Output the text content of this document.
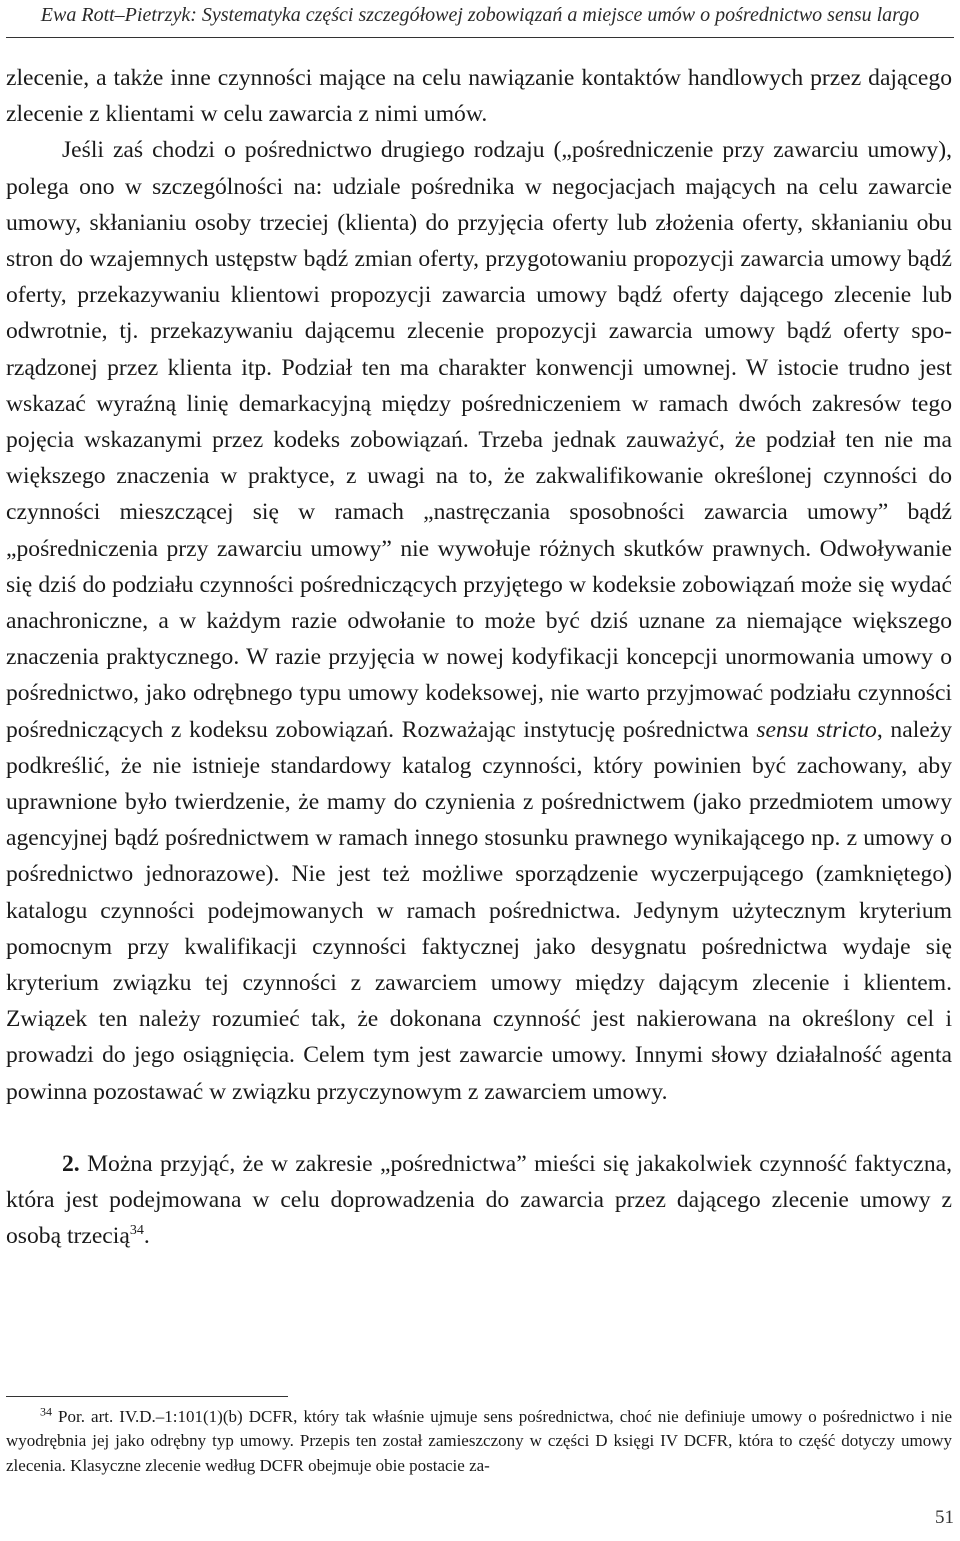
Ewa Rott–Pietrzyk: Systematyka części szczegółowej zobowiązań a miejsce umów o pośrednictwo sensu largo

zlecenie, a także inne czynności mające na celu nawiązanie kontaktów handlowych przez dającego zlecenie z klientami w celu zawarcia z nimi umów.

Jeśli zaś chodzi o pośrednictwo drugiego rodzaju („pośredniczenie przy zawarciu umowy), polega ono w szczególności na: udziale pośrednika w negocjacjach mających na celu zawarcie umowy, skłanianiu osoby trzeciej (klienta) do przyjęcia oferty lub złożenia oferty, skłanianiu obu stron do wzajemnych ustępstw bądź zmian oferty, przygotowaniu propozycji zawarcia umowy bądź oferty, przekazywaniu klientowi propozycji zawarcia umowy bądź oferty dającego zlecenie lub odwrotnie, tj. przekazywaniu dającemu zlecenie propozycji zawarcia umowy bądź oferty sporządzonej przez klienta itp. Podział ten ma charakter konwencji umownej. W istocie trudno jest wskazać wyraźną linię demarkacyjną między pośredniczeniem w ramach dwóch zakresów tego pojęcia wskazanymi przez kodeks zobowiązań. Trzeba jednak zauważyć, że podział ten nie ma większego znaczenia w praktyce, z uwagi na to, że zakwalifikowanie określonej czynności do czynności mieszczącej się w ramach „nastręczania sposobności zawarcia umowy” bądź „pośredniczenia przy zawarciu umowy” nie wywołuje różnych skutków prawnych. Odwoływanie się dziś do podziału czynności pośredniczących przyjętego w kodeksie zobowiązań może się wydać anachroniczne, a w każdym razie odwołanie to może być dziś uznane za niemające większego znaczenia praktycznego. W razie przyjęcia w nowej kodyfikacji koncepcji unormowania umowy o pośrednictwo, jako odrębnego typu umowy kodeksowej, nie warto przyjmować podziału czynności pośredniczących z kodeksu zobowiązań. Rozważając instytucję pośrednictwa sensu stricto, należy podkreślić, że nie istnieje standardowy katalog czynności, który powinien być zachowany, aby uprawnione było twierdzenie, że mamy do czynienia z pośrednictwem (jako przedmiotem umowy agencyjnej bądź pośrednictwem w ramach innego stosunku prawnego wynikającego np. z umowy o pośrednictwo jednorazowe). Nie jest też możliwe sporządzenie wyczerpującego (zamkniętego) katalogu czynności podejmowanych w ramach pośrednictwa. Jedynym użytecznym kryterium pomocnym przy kwalifikacji czynności faktycznej jako desygnatu pośrednictwa wydaje się kryterium związku tej czynności z zawarciem umowy między dającym zlecenie i klientem. Związek ten należy rozumieć tak, że dokonana czynność jest nakierowana na określony cel i prowadzi do jego osiągnięcia. Celem tym jest zawarcie umowy. Innymi słowy działalność agenta powinna pozostawać w związku przyczynowym z zawarciem umowy.

2. Można przyjąć, że w zakresie „pośrednictwa” mieści się jakakolwiek czynność faktyczna, która jest podejmowana w celu doprowadzenia do zawarcia przez dającego zlecenie umowy z osobą trzecią$^{34}$.

$^{34}$ Por. art. IV.D.–1:101(1)(b) DCFR, który tak właśnie ujmuje sens pośrednictwa, choć nie definiuje umowy o pośrednictwo i nie wyodrębnia jej jako odrębny typ umowy. Przepis ten został zamieszczony w części D księgi IV DCFR, która to część dotyczy umowy zlecenia. Klasyczne zlecenie według DCFR obejmuje obie postacie za-

51
